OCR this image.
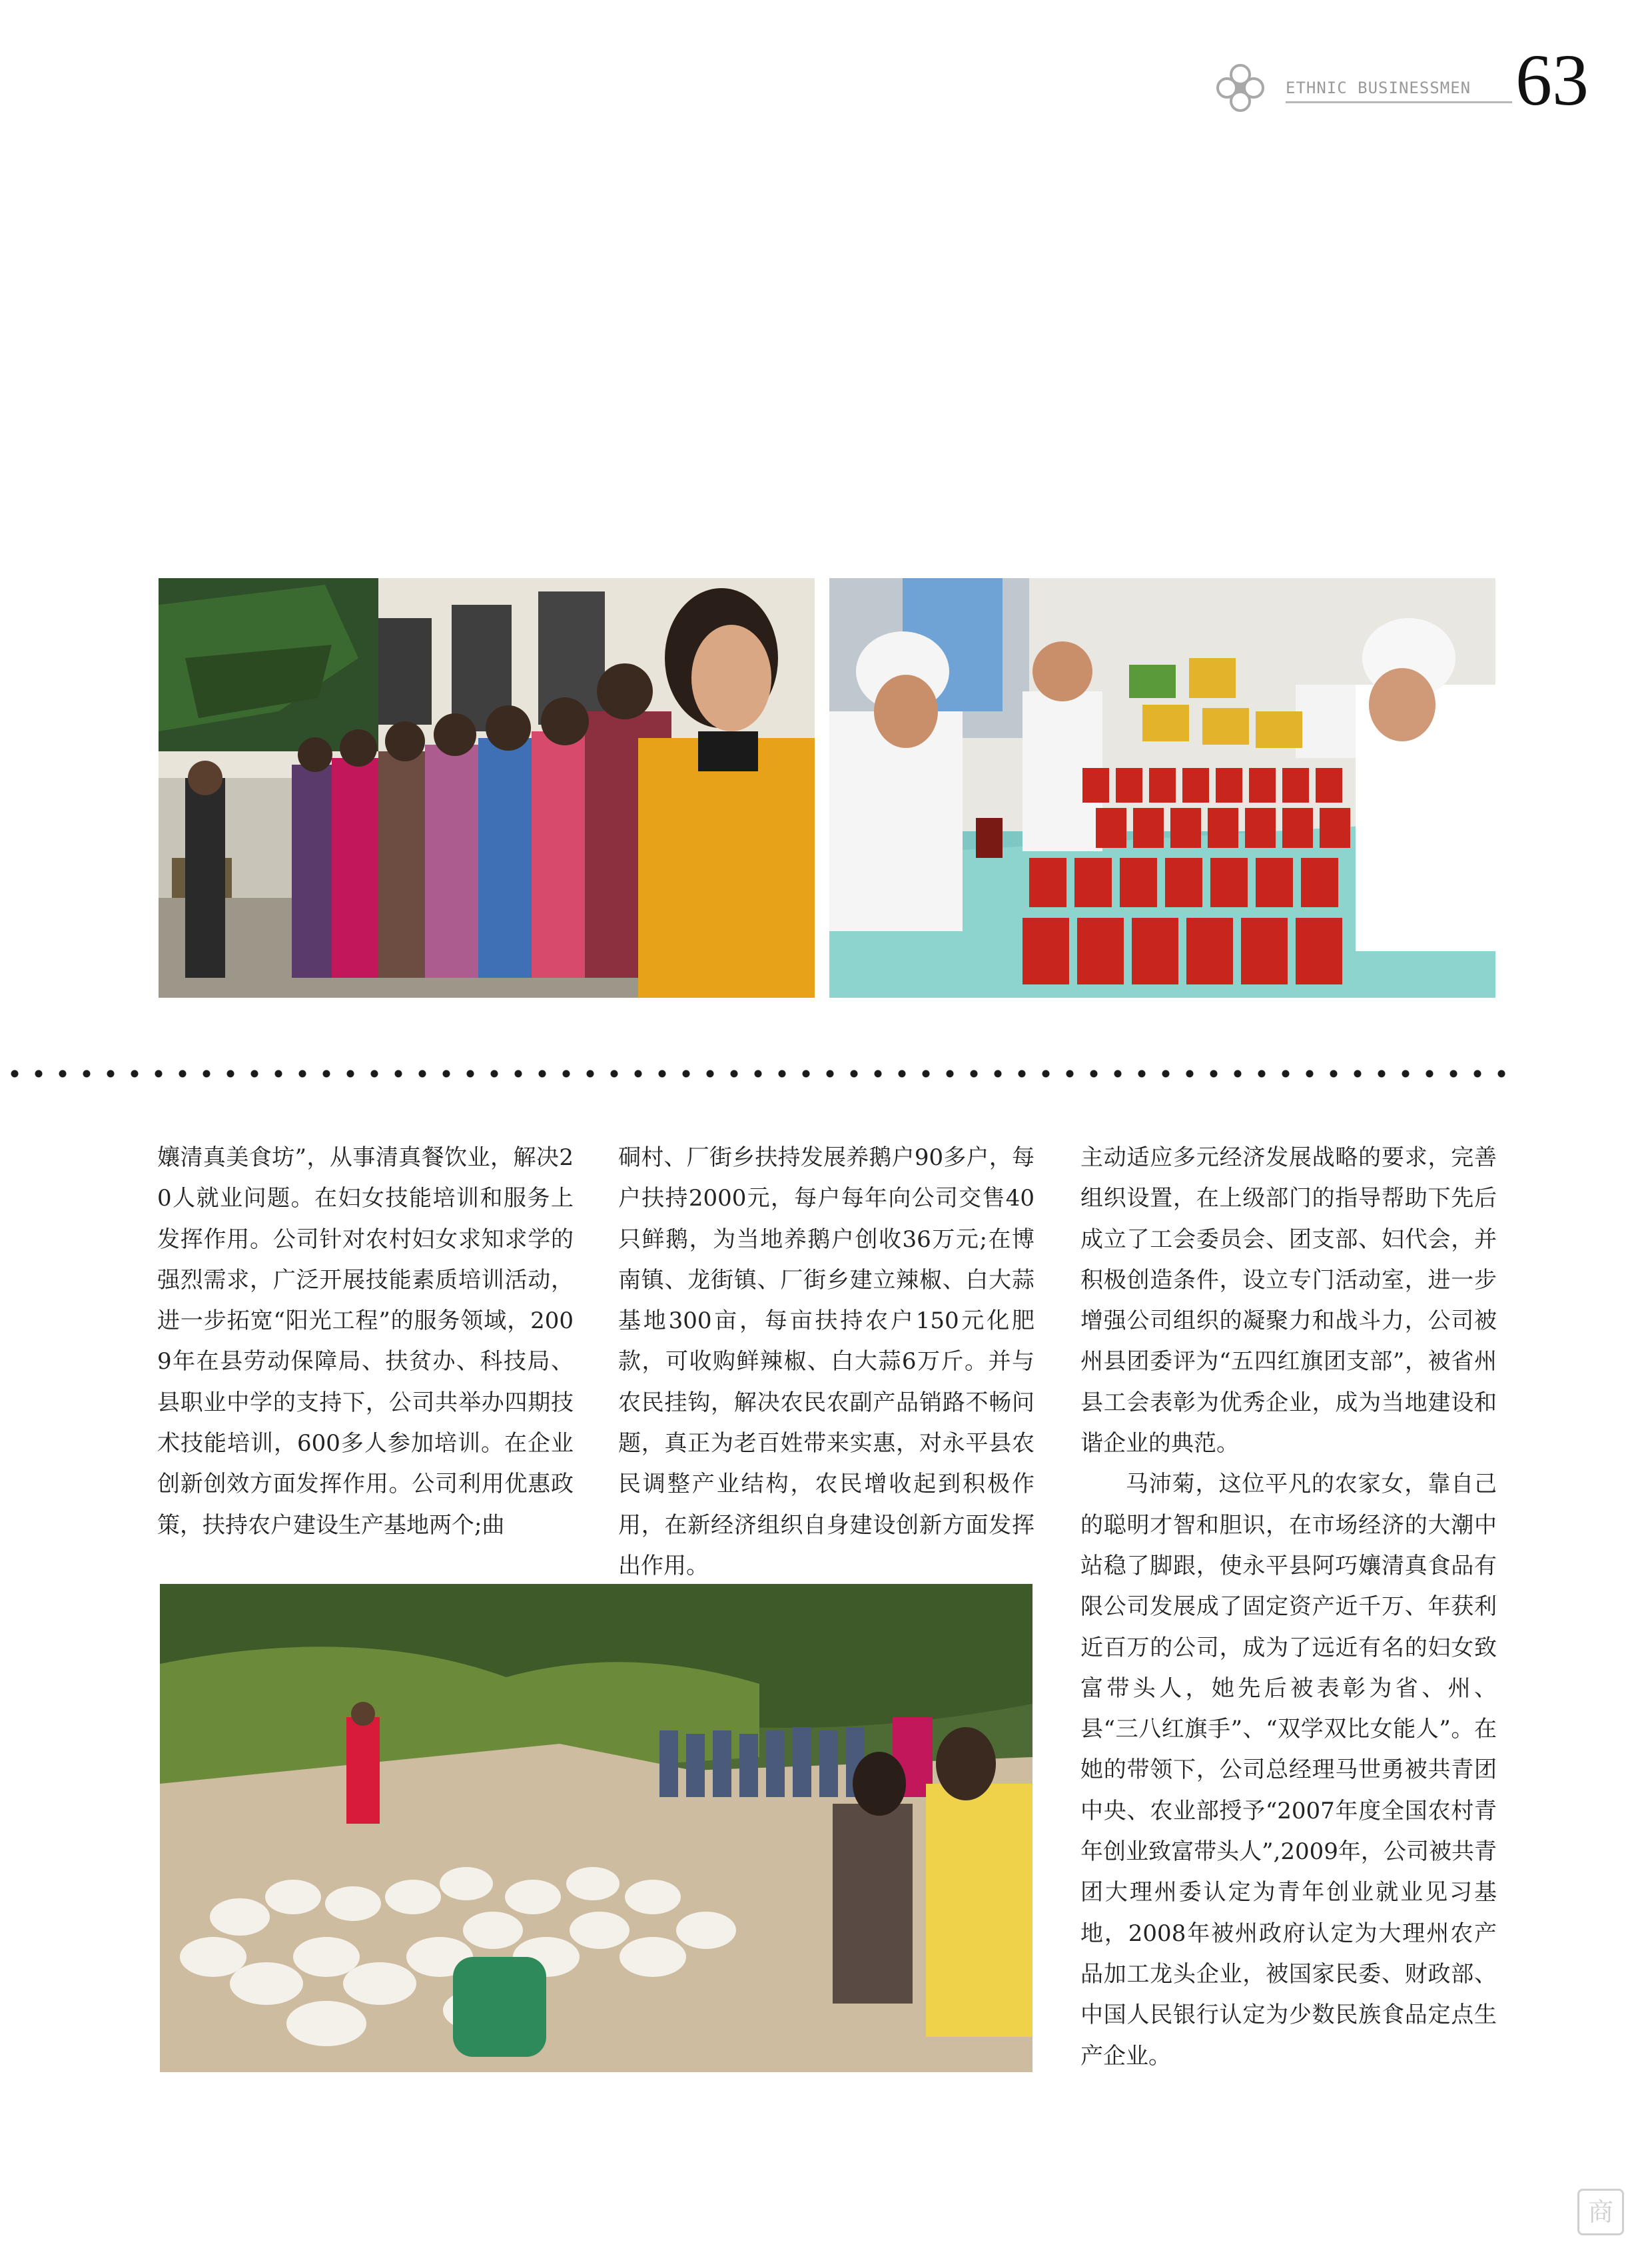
ETHNIC BUSINESSMEN 63

孃清真美食坊”，从事清真餐饮业，解决20人就业问题。在妇女技能培训和服务上发挥作用。公司针对农村妇女求知求学的强烈需求，广泛开展技能素质培训活动，进一步拓宽“阳光工程”的服务领域，2009年在县劳动保障局、扶贫办、科技局、县职业中学的支持下，公司共举办四期技术技能培训，600多人参加培训。在企业创新创效方面发挥作用。公司利用优惠政策，扶持农户建设生产基地两个;曲

硐村、厂街乡扶持发展养鹅户90多户，每户扶持2000元，每户每年向公司交售40只鲜鹅，为当地养鹅户创收36万元;在博南镇、龙街镇、厂街乡建立辣椒、白大蒜基地300亩，每亩扶持农户150元化肥款，可收购鲜辣椒、白大蒜6万斤。并与农民挂钩，解决农民农副产品销路不畅问题，真正为老百姓带来实惠，对永平县农民调整产业结构，农民增收起到积极作用，在新经济组织自身建设创新方面发挥出作用。

主动适应多元经济发展战略的要求，完善组织设置，在上级部门的指导帮助下先后成立了工会委员会、团支部、妇代会，并积极创造条件，设立专门活动室，进一步增强公司组织的凝聚力和战斗力，公司被州县团委评为“五四红旗团支部”，被省州县工会表彰为优秀企业，成为当地建设和谐企业的典范。

马沛菊，这位平凡的农家女，靠自己的聪明才智和胆识，在市场经济的大潮中站稳了脚跟，使永平县阿巧孃清真食品有限公司发展成了固定资产近千万、年获利近百万的公司，成为了远近有名的妇女致富带头人，她先后被表彰为省、州、县“三八红旗手”、“双学双比女能人”。在她的带领下，公司总经理马世勇被共青团中央、农业部授予“2007年度全国农村青年创业致富带头人”,2009年，公司被共青团大理州委认定为青年创业就业见习基地，2008年被州政府认定为大理州农产品加工龙头企业，被国家民委、财政部、中国人民银行认定为少数民族食品定点生产企业。

商
